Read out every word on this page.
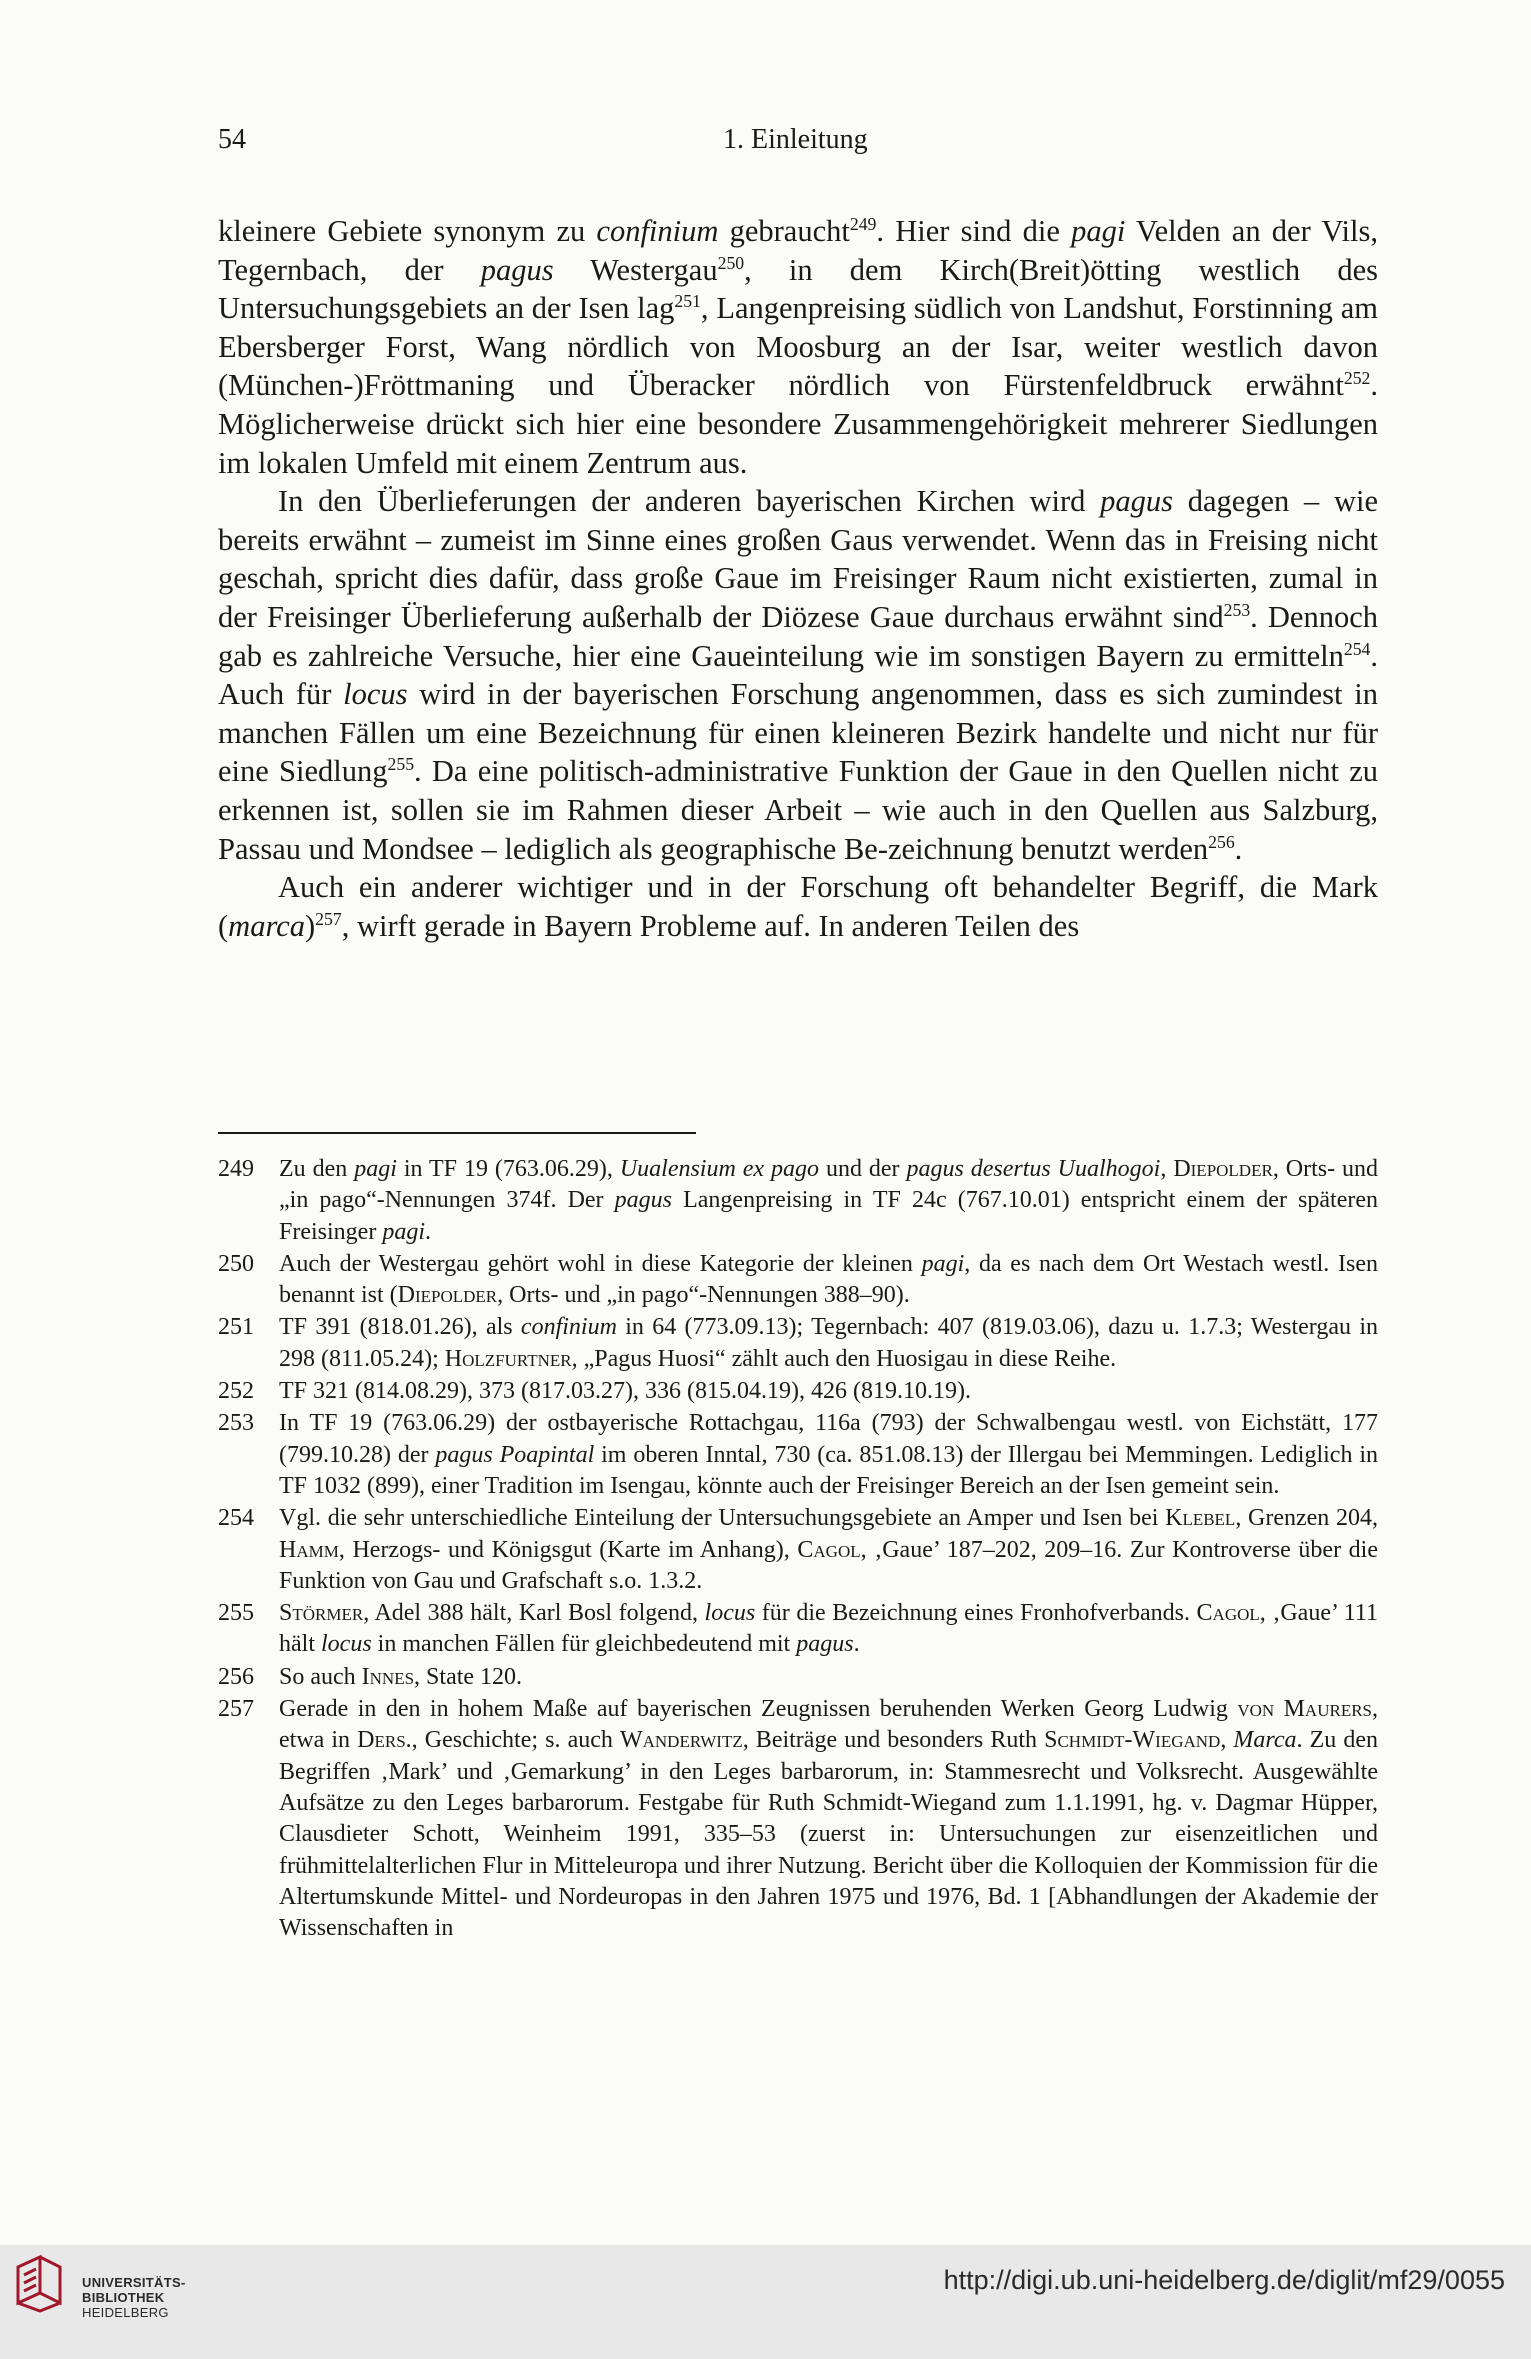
54	1. Einleitung

kleinere Gebiete synonym zu confinium gebraucht$^{249}$. Hier sind die pagi Velden an der Vils, Tegernbach, der pagus Westergau$^{250}$, in dem Kirch(Breit)ötting westlich des Untersuchungsgebiets an der Isen lag$^{251}$, Langenpreising südlich von Landshut, Forstinning am Ebersberger Forst, Wang nördlich von Moosburg an der Isar, weiter westlich davon (München-)Fröttmaning und Überacker nördlich von Fürstenfeldbruck erwähnt$^{252}$. Möglicherweise drückt sich hier eine besondere Zusammengehörigkeit mehrerer Siedlungen im lokalen Umfeld mit einem Zentrum aus.

In den Überlieferungen der anderen bayerischen Kirchen wird pagus dagegen – wie bereits erwähnt – zumeist im Sinne eines großen Gaus verwendet. Wenn das in Freising nicht geschah, spricht dies dafür, dass große Gaue im Freisinger Raum nicht existierten, zumal in der Freisinger Überlieferung außerhalb der Diözese Gaue durchaus erwähnt sind$^{253}$. Dennoch gab es zahlreiche Versuche, hier eine Gaueinteilung wie im sonstigen Bayern zu ermitteln$^{254}$. Auch für locus wird in der bayerischen Forschung angenommen, dass es sich zumindest in manchen Fällen um eine Bezeichnung für einen kleineren Bezirk handelte und nicht nur für eine Siedlung$^{255}$. Da eine politisch-administrative Funktion der Gaue in den Quellen nicht zu erkennen ist, sollen sie im Rahmen dieser Arbeit – wie auch in den Quellen aus Salzburg, Passau und Mondsee – lediglich als geographische Be-​zeichnung benutzt werden$^{256}$.

Auch ein anderer wichtiger und in der Forschung oft behandelter Begriff, die Mark (marca)$^{257}$, wirft gerade in Bayern Probleme auf. In anderen Teilen des

249 Zu den pagi in TF 19 (763.06.29), Uualensium ex pago und der pagus desertus Uualhogoi, Diepolder, Orts- und „in pago“-Nennungen 374f. Der pagus Langenpreising in TF 24c (767.10.01) entspricht einem der späteren Freisinger pagi.
250 Auch der Westergau gehört wohl in diese Kategorie der kleinen pagi, da es nach dem Ort Westach westl. Isen benannt ist (Diepolder, Orts- und „in pago“-Nennungen 388–90).
251 TF 391 (818.01.26), als confinium in 64 (773.09.13); Tegernbach: 407 (819.03.06), dazu u. 1.7.3; Westergau in 298 (811.05.24); Holzfurtner, „Pagus Huosi“ zählt auch den Huosigau in diese Reihe.
252 TF 321 (814.08.29), 373 (817.03.27), 336 (815.04.19), 426 (819.10.19).
253 In TF 19 (763.06.29) der ostbayerische Rottachgau, 116a (793) der Schwalbengau westl. von Eichstätt, 177 (799.10.28) der pagus Poapintal im oberen Inntal, 730 (ca. 851.08.13) der Illergau bei Memmingen. Lediglich in TF 1032 (899), einer Tradition im Isengau, könnte auch der Freisinger Bereich an der Isen gemeint sein.
254 Vgl. die sehr unterschiedliche Einteilung der Untersuchungsgebiete an Amper und Isen bei Klebel, Grenzen 204, Hamm, Herzogs- und Königsgut (Karte im Anhang), Cagol, ‚Gaue’ 187–202, 209–16. Zur Kontroverse über die Funktion von Gau und Grafschaft s.o. 1.3.2.
255 Störmer, Adel 388 hält, Karl Bosl folgend, locus für die Bezeichnung eines Fronhofverbands. Cagol, ‚Gaue’ 111 hält locus in manchen Fällen für gleichbedeutend mit pagus.
256 So auch Innes, State 120.
257 Gerade in den in hohem Maße auf bayerischen Zeugnissen beruhenden Werken Georg Ludwig von Maurers, etwa in Ders., Geschichte; s. auch Wanderwitz, Beiträge und besonders Ruth Schmidt-Wiegand, Marca. Zu den Begriffen ‚Mark’ und ‚Gemarkung’ in den Leges barbarorum, in: Stammesrecht und Volksrecht. Ausgewählte Aufsätze zu den Leges barbarorum. Festgabe für Ruth Schmidt-Wiegand zum 1.1.1991, hg. v. Dagmar Hüpper, Clausdieter Schott, Weinheim 1991, 335–53 (zuerst in: Untersuchungen zur eisenzeitlichen und frühmittelalterlichen Flur in Mitteleuropa und ihrer Nutzung. Bericht über die Kolloquien der Kommission für die Altertumskunde Mittel- und Nordeuropas in den Jahren 1975 und 1976, Bd. 1 [Abhandlungen der Akademie der Wissenschaften in
UNIVERSITÄTS-
BIBLIOTHEK
HEIDELBERG
http://digi.ub.uni-heidelberg.de/diglit/mf29/0055
